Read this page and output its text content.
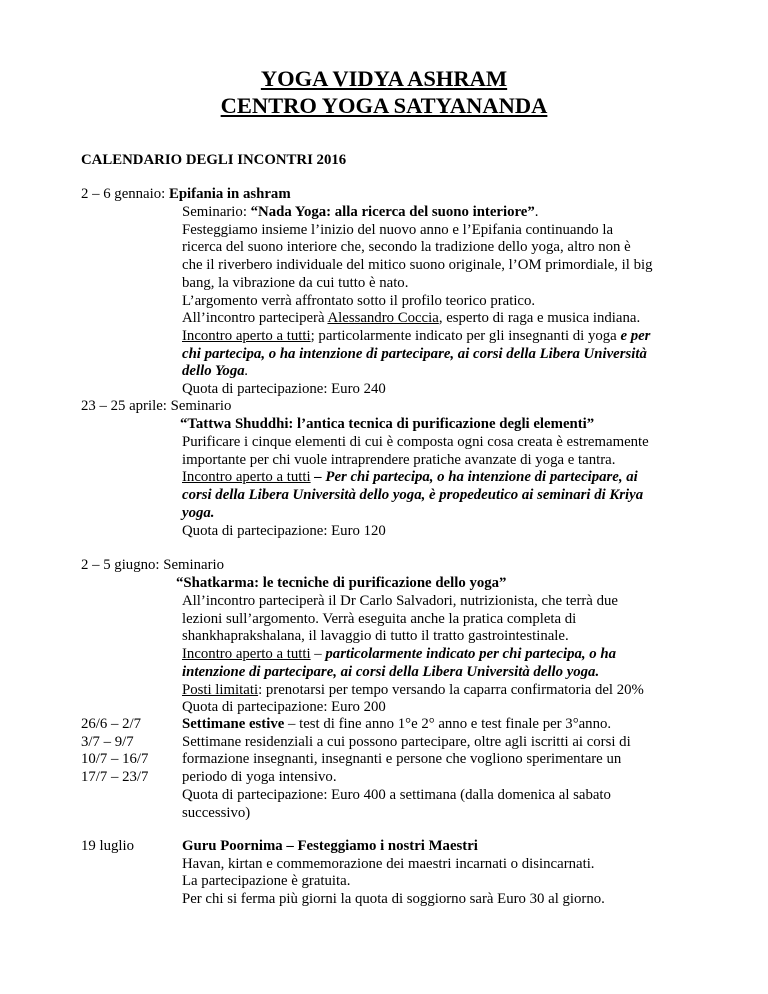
YOGA VIDYA ASHRAM
CENTRO YOGA SATYANANDA
CALENDARIO DEGLI INCONTRI 2016
2 – 6 gennaio: Epifania in ashram
Seminario: “Nada Yoga: alla ricerca del suono interiore”.
Festeggiamo insieme l’inizio del nuovo anno e l’Epifania continuando la
ricerca del suono interiore che, secondo la tradizione dello yoga, altro non è
che il riverbero individuale del mitico suono originale, l’OM primordiale, il big
bang, la vibrazione da cui tutto è nato.
L’argomento verrà affrontato sotto il profilo teorico pratico.
All’incontro parteciperà Alessandro Coccia, esperto di raga e musica indiana.
Incontro aperto a tutti; particolarmente indicato per gli insegnanti di yoga e per
chi partecipa, o ha intenzione di partecipare, ai corsi della Libera Università
dello Yoga.
Quota di partecipazione: Euro 240
23 – 25 aprile: Seminario
“Tattwa Shuddhi: l’antica tecnica di purificazione degli elementi”
Purificare i cinque elementi di cui è composta ogni cosa creata è estremamente
importante per chi vuole intraprendere pratiche avanzate di yoga e tantra.
Incontro aperto a tutti – Per chi partecipa, o ha intenzione di partecipare, ai
corsi della Libera Università dello yoga, è propedeutico ai seminari di Kriya
yoga.
Quota di partecipazione: Euro 120
2 – 5 giugno: Seminario
“Shatkarma: le tecniche di purificazione dello yoga”
All’incontro parteciperà il Dr Carlo Salvadori, nutrizionista, che terrà due
lezioni sull’argomento. Verrà eseguita anche la pratica completa di
shankhaprakshalana, il lavaggio di tutto il tratto gastrointestinale.
Incontro aperto a tutti – particolarmente indicato per chi partecipa, o ha
intenzione di partecipare, ai corsi della Libera Università dello yoga.
Posti limitati: prenotarsi per tempo versando la caparra confirmatoria del 20%
Quota di partecipazione: Euro 200
26/6 – 2/7
3/7 – 9/7
10/7 – 16/7
17/7 – 23/7
Settimane estive – test di fine anno 1°e 2° anno e test finale per 3°anno.
Settimane residenziali a cui possono partecipare, oltre agli iscritti ai corsi di
formazione insegnanti, insegnanti e persone che vogliono sperimentare un
periodo di yoga intensivo.
Quota di partecipazione: Euro 400 a settimana (dalla domenica al sabato
successivo)
19 luglio	Guru Poornima – Festeggiamo i nostri Maestri
Havan, kirtan e commemorazione dei maestri incarnati o disincarnati.
La partecipazione è gratuita.
Per chi si ferma più giorni la quota di soggiorno sarà Euro 30 al giorno.
